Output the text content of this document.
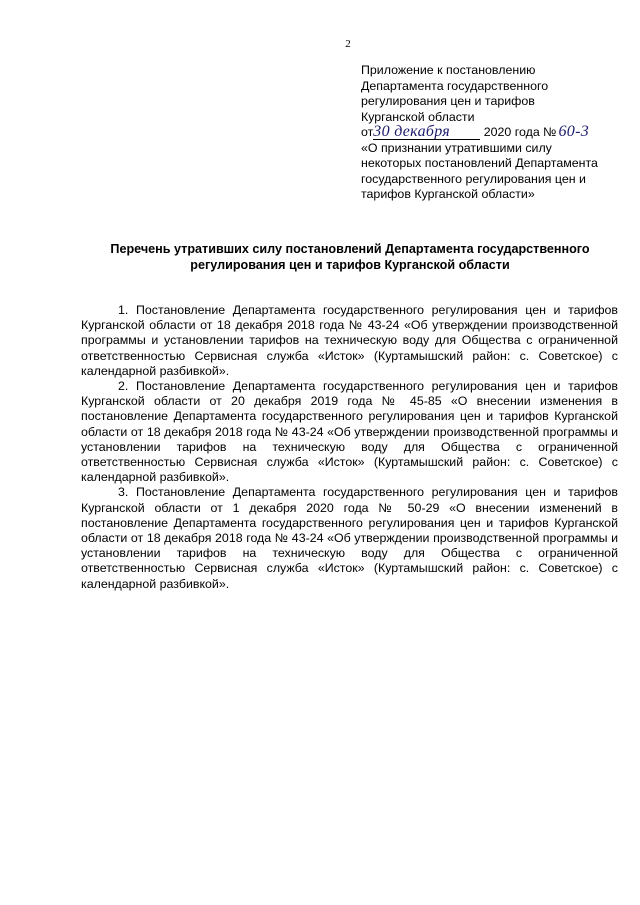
2
Приложение к постановлению
Департамента государственного
регулирования цен и тарифов
Курганской области
от 30 декабря	2020 года № 60-3
«О признании утратившими силу
некоторых постановлений Департамента
государственного регулирования цен и
тарифов Курганской области»
Перечень утративших силу постановлений Департамента государственного
регулирования цен и тарифов Курганской области

1. Постановление Департамента государственного регулирования цен и тарифов Курганской области от 18 декабря 2018 года № 43-24 «Об утверждении производственной программы и установлении тарифов на техническую воду для Общества с ограниченной ответственностью Сервисная служба «Исток» (Куртамышский район: с. Советское) с календарной разбивкой».

2. Постановление Департамента государственного регулирования цен и тарифов Курганской области от 20 декабря 2019 года № 45-85 «О внесении изменения в постановление Департамента государственного регулирования цен и тарифов Курганской области от 18 декабря 2018 года № 43-24 «Об утверждении производственной программы и установлении тарифов на техническую воду для Общества с ограниченной ответственностью Сервисная служба «Исток» (Куртамышский район: с. Советское) с календарной разбивкой».

3. Постановление Департамента государственного регулирования цен и тарифов Курганской области от 1 декабря 2020 года № 50-29 «О внесении изменений в постановление Департамента государственного регулирования цен и тарифов Курганской области от 18 декабря 2018 года № 43-24 «Об утверждении производственной программы и установлении тарифов на техническую воду для Общества с ограниченной ответственностью Сервисная служба «Исток» (Куртамышский район: с. Советское) с календарной разбивкой».
